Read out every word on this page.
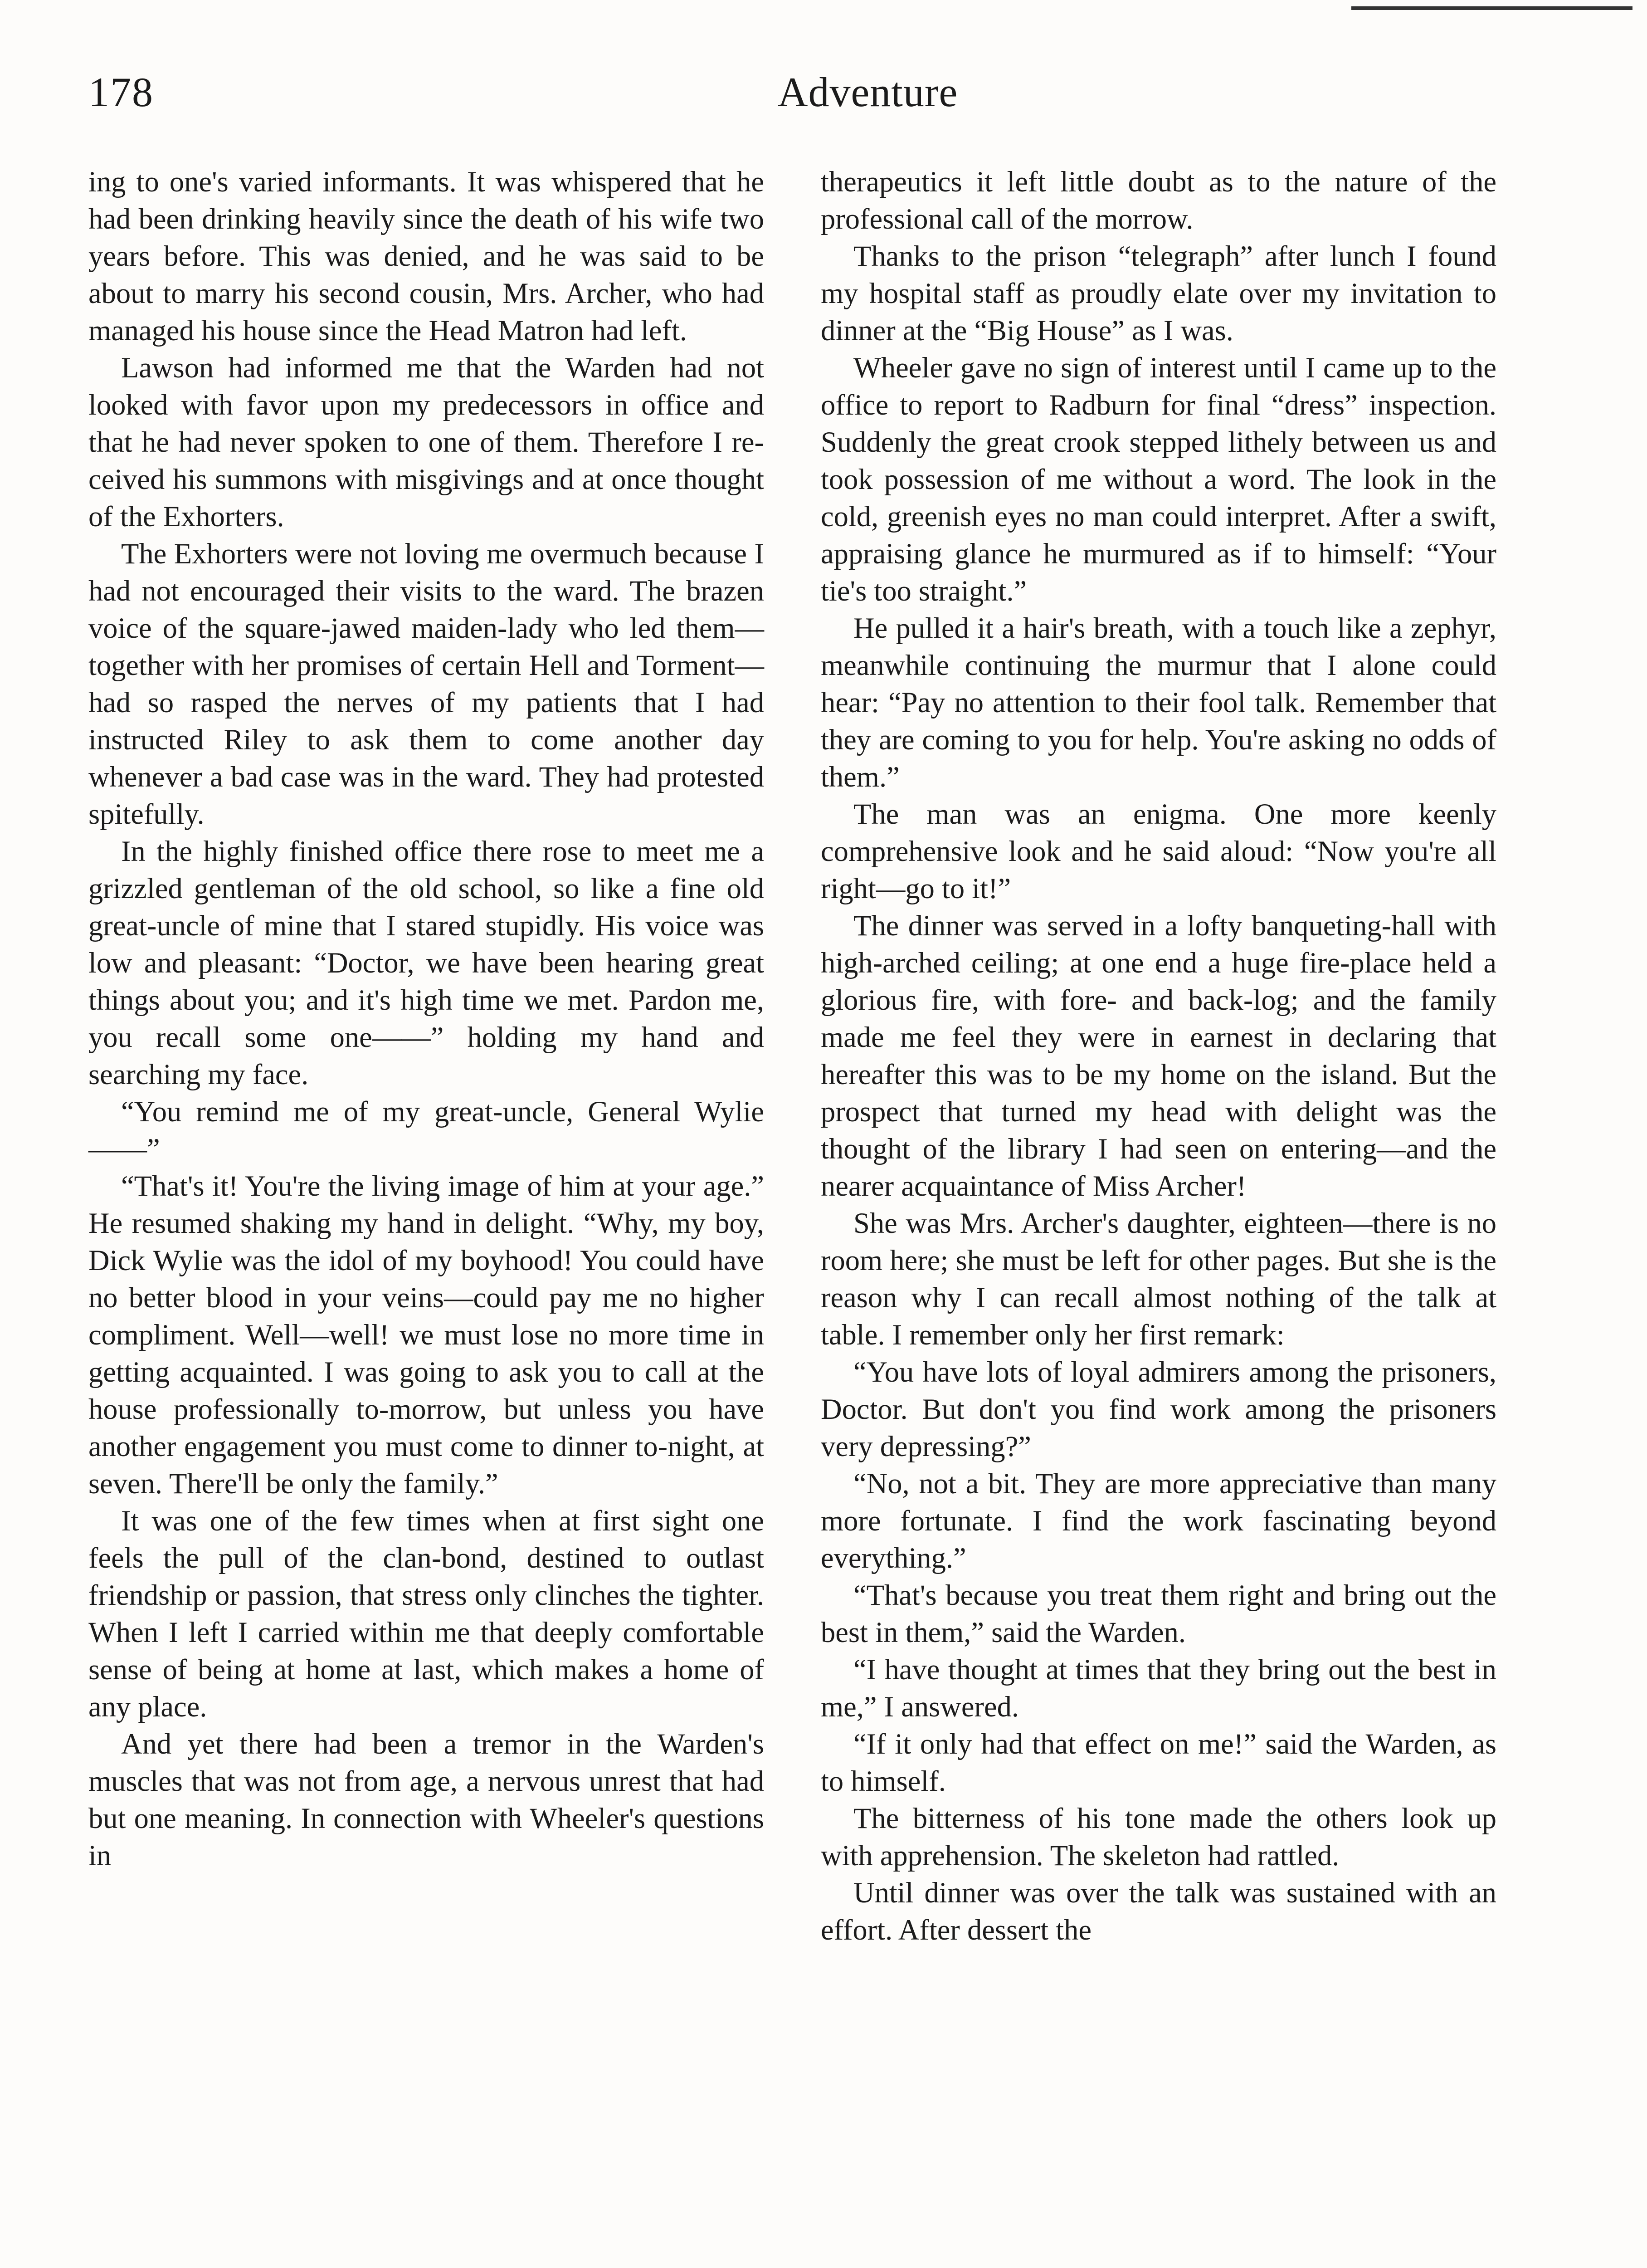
178	Adventure

ing to one's varied informants. It was whispered that he had been drinking heavily since the death of his wife two years before. This was denied, and he was said to be about to marry his second cousin, Mrs. Archer, who had managed his house since the Head Matron had left.

Lawson had informed me that the Warden had not looked with favor upon my predecessors in office and that he had never spoken to one of them. Therefore I received his summons with misgivings and at once thought of the Exhorters.

The Exhorters were not loving me overmuch because I had not encouraged their visits to the ward. The brazen voice of the square-jawed maiden-lady who led them—together with her promises of certain Hell and Torment—had so rasped the nerves of my patients that I had instructed Riley to ask them to come another day whenever a bad case was in the ward. They had protested spitefully.

In the highly finished office there rose to meet me a grizzled gentleman of the old school, so like a fine old great-uncle of mine that I stared stupidly. His voice was low and pleasant: “Doctor, we have been hearing great things about you; and it's high time we met. Pardon me, you recall some one——” holding my hand and searching my face.

“You remind me of my great-uncle, General Wylie——”

“That's it! You're the living image of him at your age.” He resumed shaking my hand in delight. “Why, my boy, Dick Wylie was the idol of my boyhood! You could have no better blood in your veins—could pay me no higher compliment. Well—well! we must lose no more time in getting acquainted. I was going to ask you to call at the house professionally to-morrow, but unless you have another engagement you must come to dinner to-night, at seven. There'll be only the family.”

It was one of the few times when at first sight one feels the pull of the clan-bond, destined to outlast friendship or passion, that stress only clinches the tighter. When I left I carried within me that deeply comfortable sense of being at home at last, which makes a home of any place.

And yet there had been a tremor in the Warden's muscles that was not from age, a nervous unrest that had but one meaning. In connection with Wheeler's questions in

therapeutics it left little doubt as to the nature of the professional call of the morrow.

Thanks to the prison “telegraph” after lunch I found my hospital staff as proudly elate over my invitation to dinner at the “Big House” as I was.

Wheeler gave no sign of interest until I came up to the office to report to Radburn for final “dress” inspection. Suddenly the great crook stepped lithely between us and took possession of me without a word. The look in the cold, greenish eyes no man could interpret. After a swift, appraising glance he murmured as if to himself: “Your tie's too straight.”

He pulled it a hair's breath, with a touch like a zephyr, meanwhile continuing the murmur that I alone could hear: “Pay no attention to their fool talk. Remember that they are coming to you for help. You're asking no odds of them.”

The man was an enigma. One more keenly comprehensive look and he said aloud: “Now you're all right—go to it!”

The dinner was served in a lofty banqueting-hall with high-arched ceiling; at one end a huge fire-place held a glorious fire, with fore- and back-log; and the family made me feel they were in earnest in declaring that hereafter this was to be my home on the island. But the prospect that turned my head with delight was the thought of the library I had seen on entering—and the nearer acquaintance of Miss Archer!

She was Mrs. Archer's daughter, eighteen—there is no room here; she must be left for other pages. But she is the reason why I can recall almost nothing of the talk at table. I remember only her first remark:

“You have lots of loyal admirers among the prisoners, Doctor. But don't you find work among the prisoners very depressing?”

“No, not a bit. They are more appreciative than many more fortunate. I find the work fascinating beyond everything.”

“That's because you treat them right and bring out the best in them,” said the Warden.

“I have thought at times that they bring out the best in me,” I answered.

“If it only had that effect on me!” said the Warden, as to himself.

The bitterness of his tone made the others look up with apprehension. The skeleton had rattled.

Until dinner was over the talk was sustained with an effort. After dessert the
